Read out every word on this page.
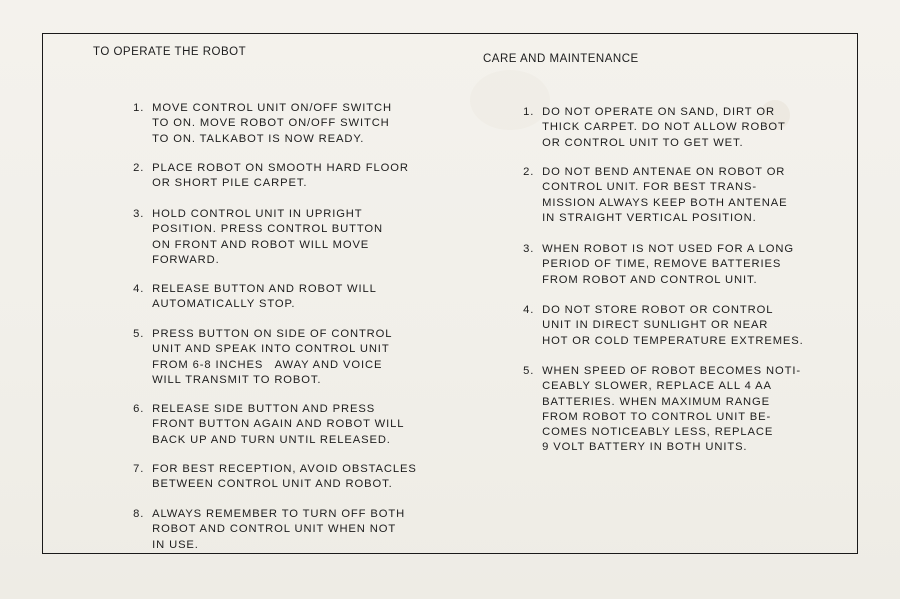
TO OPERATE THE ROBOT

1. MOVE CONTROL UNIT ON/OFF SWITCH
TO ON. MOVE ROBOT ON/OFF SWITCH
TO ON. TALKABOT IS NOW READY.

2. PLACE ROBOT ON SMOOTH HARD FLOOR
OR SHORT PILE CARPET.

3. HOLD CONTROL UNIT IN UPRIGHT
POSITION. PRESS CONTROL BUTTON
ON FRONT AND ROBOT WILL MOVE
FORWARD.

4. RELEASE BUTTON AND ROBOT WILL
AUTOMATICALLY STOP.

5. PRESS BUTTON ON SIDE OF CONTROL
UNIT AND SPEAK INTO CONTROL UNIT
FROM 6-8 INCHES   AWAY AND VOICE
WILL TRANSMIT TO ROBOT.

6. RELEASE SIDE BUTTON AND PRESS
FRONT BUTTON AGAIN AND ROBOT WILL
BACK UP AND TURN UNTIL RELEASED.

7. FOR BEST RECEPTION, AVOID OBSTACLES
BETWEEN CONTROL UNIT AND ROBOT.

8. ALWAYS REMEMBER TO TURN OFF BOTH
ROBOT AND CONTROL UNIT WHEN NOT
IN USE.

CARE AND MAINTENANCE

1. DO NOT OPERATE ON SAND, DIRT OR
THICK CARPET. DO NOT ALLOW ROBOT
OR CONTROL UNIT TO GET WET.

2. DO NOT BEND ANTENAE ON ROBOT OR
CONTROL UNIT. FOR BEST TRANS-
MISSION ALWAYS KEEP BOTH ANTENAE
IN STRAIGHT VERTICAL POSITION.

3. WHEN ROBOT IS NOT USED FOR A LONG
PERIOD OF TIME, REMOVE BATTERIES
FROM ROBOT AND CONTROL UNIT.

4. DO NOT STORE ROBOT OR CONTROL
UNIT IN DIRECT SUNLIGHT OR NEAR
HOT OR COLD TEMPERATURE EXTREMES.

5. WHEN SPEED OF ROBOT BECOMES NOTI-
CEABLY SLOWER, REPLACE ALL 4 AA
BATTERIES. WHEN MAXIMUM RANGE
FROM ROBOT TO CONTROL UNIT BE-
COMES NOTICEABLY LESS, REPLACE
9 VOLT BATTERY IN BOTH UNITS.
